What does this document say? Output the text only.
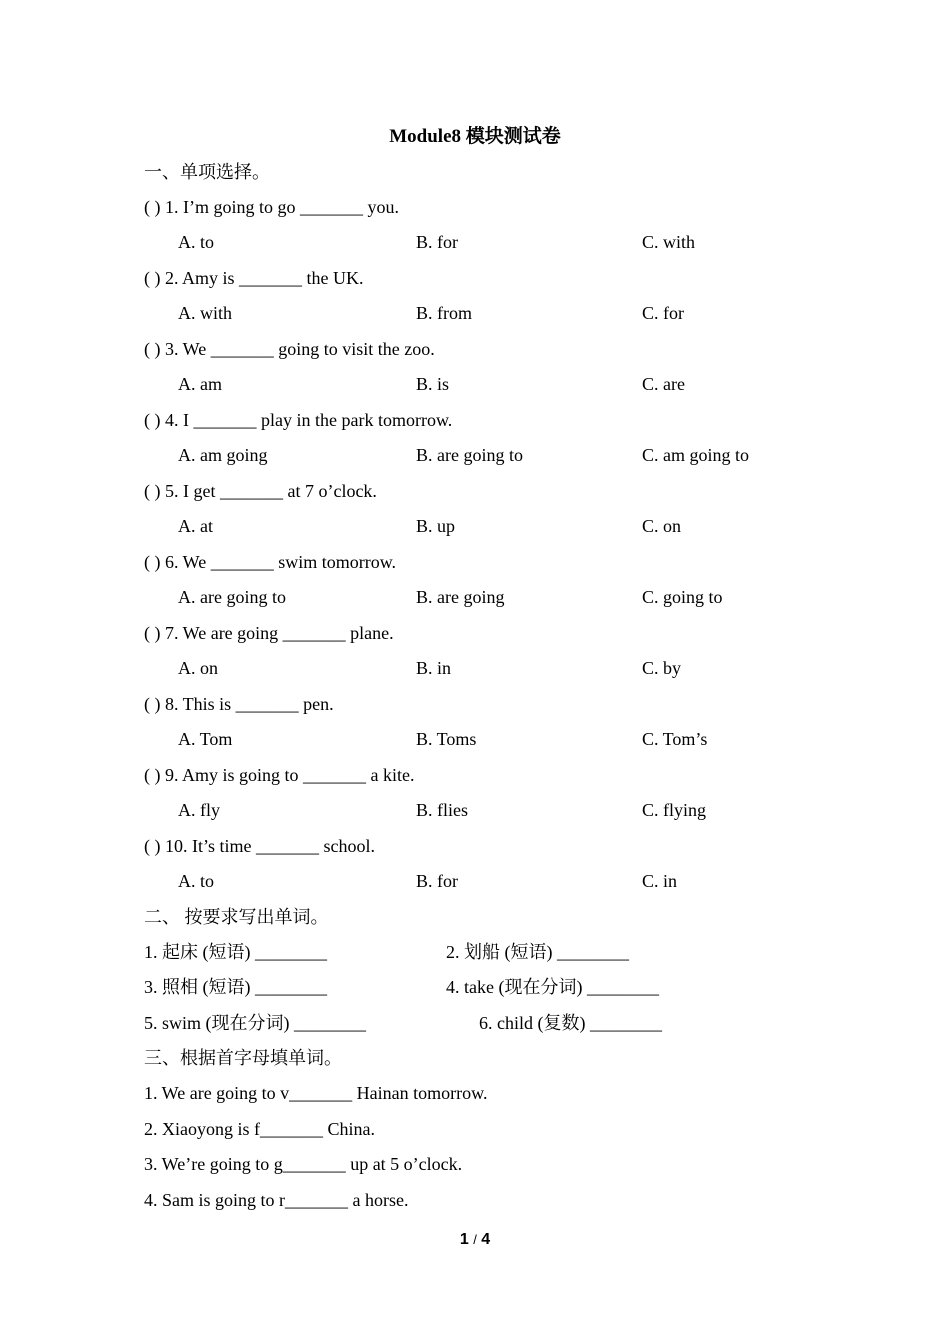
Module8 模块测试卷
一、单项选择。
( ) 1. I’m going to go _______ you.
A. to	B. for	C. with
( ) 2. Amy is _______ the UK.
A. with	B. from	C. for
( ) 3. We _______ going to visit the zoo.
A. am	B. is	C. are
( ) 4. I _______ play in the park tomorrow.
A. am going	B. are going to	C. am going to
( ) 5. I get _______ at 7 o’clock.
A. at	B. up	C. on
( ) 6. We _______ swim tomorrow.
A. are going to	B. are going	C. going to
( ) 7. We are going _______ plane.
A. on	B. in	C. by
( ) 8. This is _______ pen.
A. Tom	B. Toms	C. Tom’s
( ) 9. Amy is going to _______ a kite.
A. fly	B. flies	C. flying
( ) 10. It’s time _______ school.
A. to	B. for	C. in
二、 按要求写出单词。
1. 起床 (短语) ________	2. 划船 (短语) ________
3. 照相 (短语) ________	4. take (现在分词) ________
5. swim (现在分词) ________	6. child (复数) ________
三、根据首字母填单词。
1. We are going to v_______ Hainan tomorrow.
2. Xiaoyong is f_______ China.
3. We’re going to g_______ up at 5 o’clock.
4. Sam is going to r_______ a horse.
1 / 4
